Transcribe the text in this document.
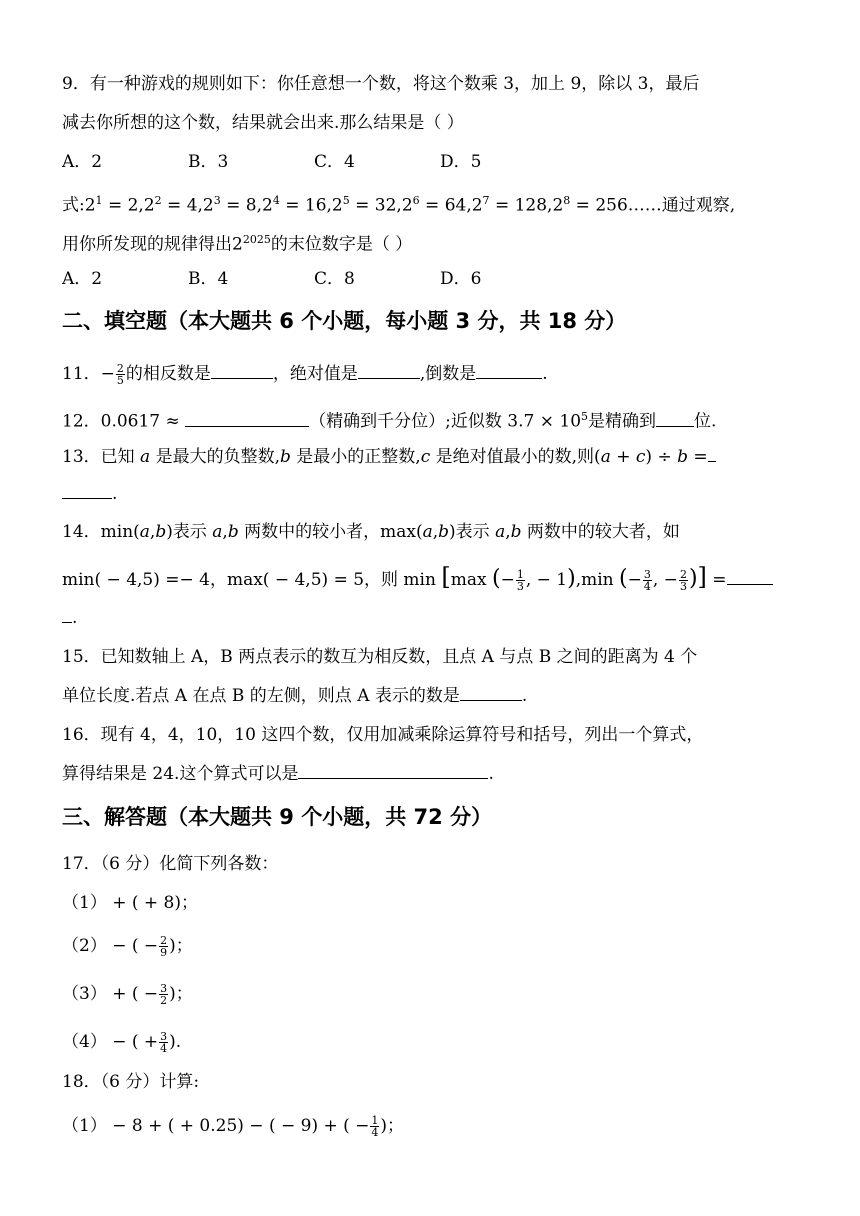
9．有一种游戏的规则如下：你任意想一个数，将这个数乘 3，加上 9，除以 3，最后
减去你所想的这个数，结果就会出来.那么结果是（ ）
A．2	B．3	C．4	D．5
式$:2^1 = 2,2^2 = 4,2^3 = 8,2^4 = 16,2^5 = 32,2^6 = 64,2^7 = 128,2^8$ = 256……通过观察,
用你所发现的规律得出$2^{2025}$的末位数字是（ ）
A．2	B．4	C．8	D．6
二、填空题（本大题共 6 个小题，每小题 3 分，共 18 分）
11．− $\frac{2}{5}$ 的相反数是	，绝对值是	,倒数是	.
12．0.0617 ≈	（精确到千分位）;近似数 $3.7 \times 10^5$是精确到 位.
13．已知 a 是最大的负整数,b 是最小的正整数,c 是绝对值最小的数,则(a + c) ÷ b =
.
14．min(a,b)表示 a,b 两数中的较小者，max(a,b)表示 a,b 两数中的较大者，如
min( − 4,5) =− 4，max( − 4,5) = 5，则 min [max (− $\frac{1}{3}$ , − 1),min (− $\frac{3}{4}$ , − $\frac{2}{3}$ )] =
.
15．已知数轴上 A，B 两点表示的数互为相反数，且点 A 与点 B 之间的距离为 4 个
单位长度.若点 A 在点 B 的左侧，则点 A 表示的数是	.
16．现有 4，4，10，10 这四个数，仅用加减乘除运算符号和括号，列出一个算式，
算得结果是 24.这个算式可以是	.
三、解答题（本大题共 9 个小题，共 72 分）
17．（6 分）化简下列各数：
（1） + ( + 8)；
（2） − ( − $\frac{2}{9}$ )；
（3） + ( − $\frac{3}{2}$ )；
（4） − ( + $\frac{3}{4}$ ).
18．（6 分）计算:
（1） − 8 + ( + 0.25) − ( − 9) + ( − $\frac{1}{4}$ )；
